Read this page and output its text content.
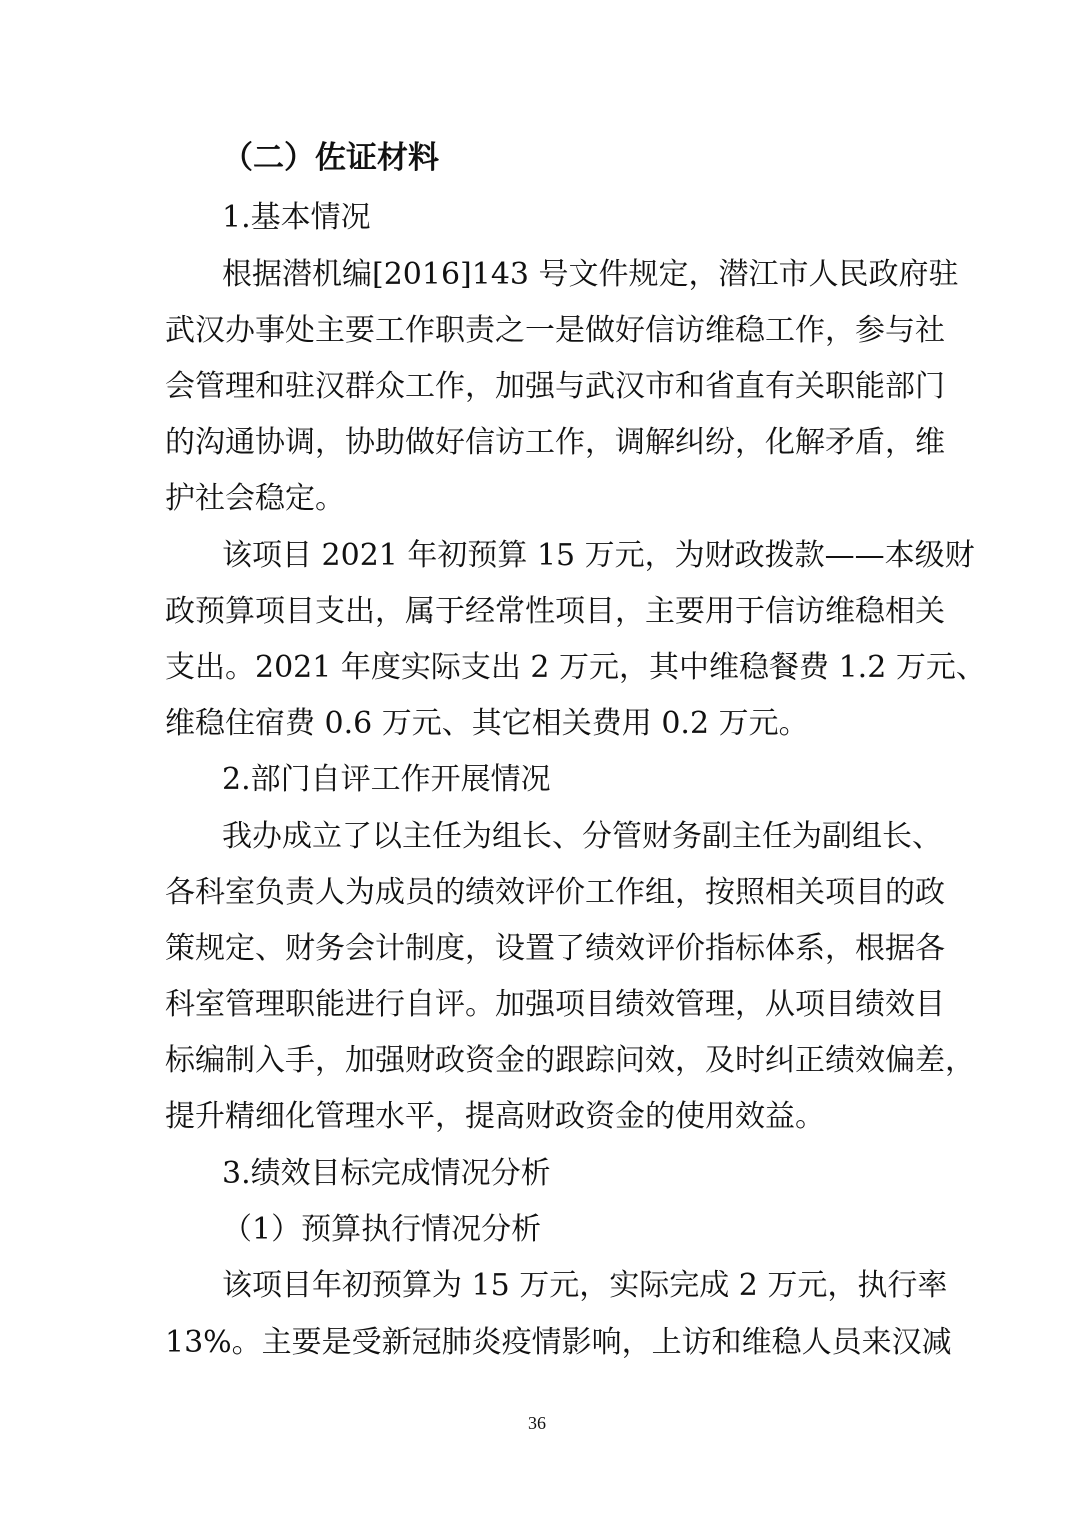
（二）佐证材料

1.基本情况

根据潜机编[2016]143 号文件规定，潜江市人民政府驻

武汉办事处主要工作职责之一是做好信访维稳工作，参与社

会管理和驻汉群众工作，加强与武汉市和省直有关职能部门

的沟通协调，协助做好信访工作，调解纠纷，化解矛盾，维

护社会稳定。

该项目 2021 年初预算 15 万元，为财政拨款——本级财

政预算项目支出，属于经常性项目，主要用于信访维稳相关

支出。2021 年度实际支出 2 万元，其中维稳餐费 1.2 万元、

维稳住宿费 0.6 万元、其它相关费用 0.2 万元。

2.部门自评工作开展情况

我办成立了以主任为组长、分管财务副主任为副组长、

各科室负责人为成员的绩效评价工作组，按照相关项目的政

策规定、财务会计制度，设置了绩效评价指标体系，根据各

科室管理职能进行自评。加强项目绩效管理，从项目绩效目

标编制入手，加强财政资金的跟踪问效，及时纠正绩效偏差，

提升精细化管理水平，提高财政资金的使用效益。

3.绩效目标完成情况分析

（1）预算执行情况分析

该项目年初预算为 15 万元，实际完成 2 万元，执行率

13%。主要是受新冠肺炎疫情影响，上访和维稳人员来汉减

36
